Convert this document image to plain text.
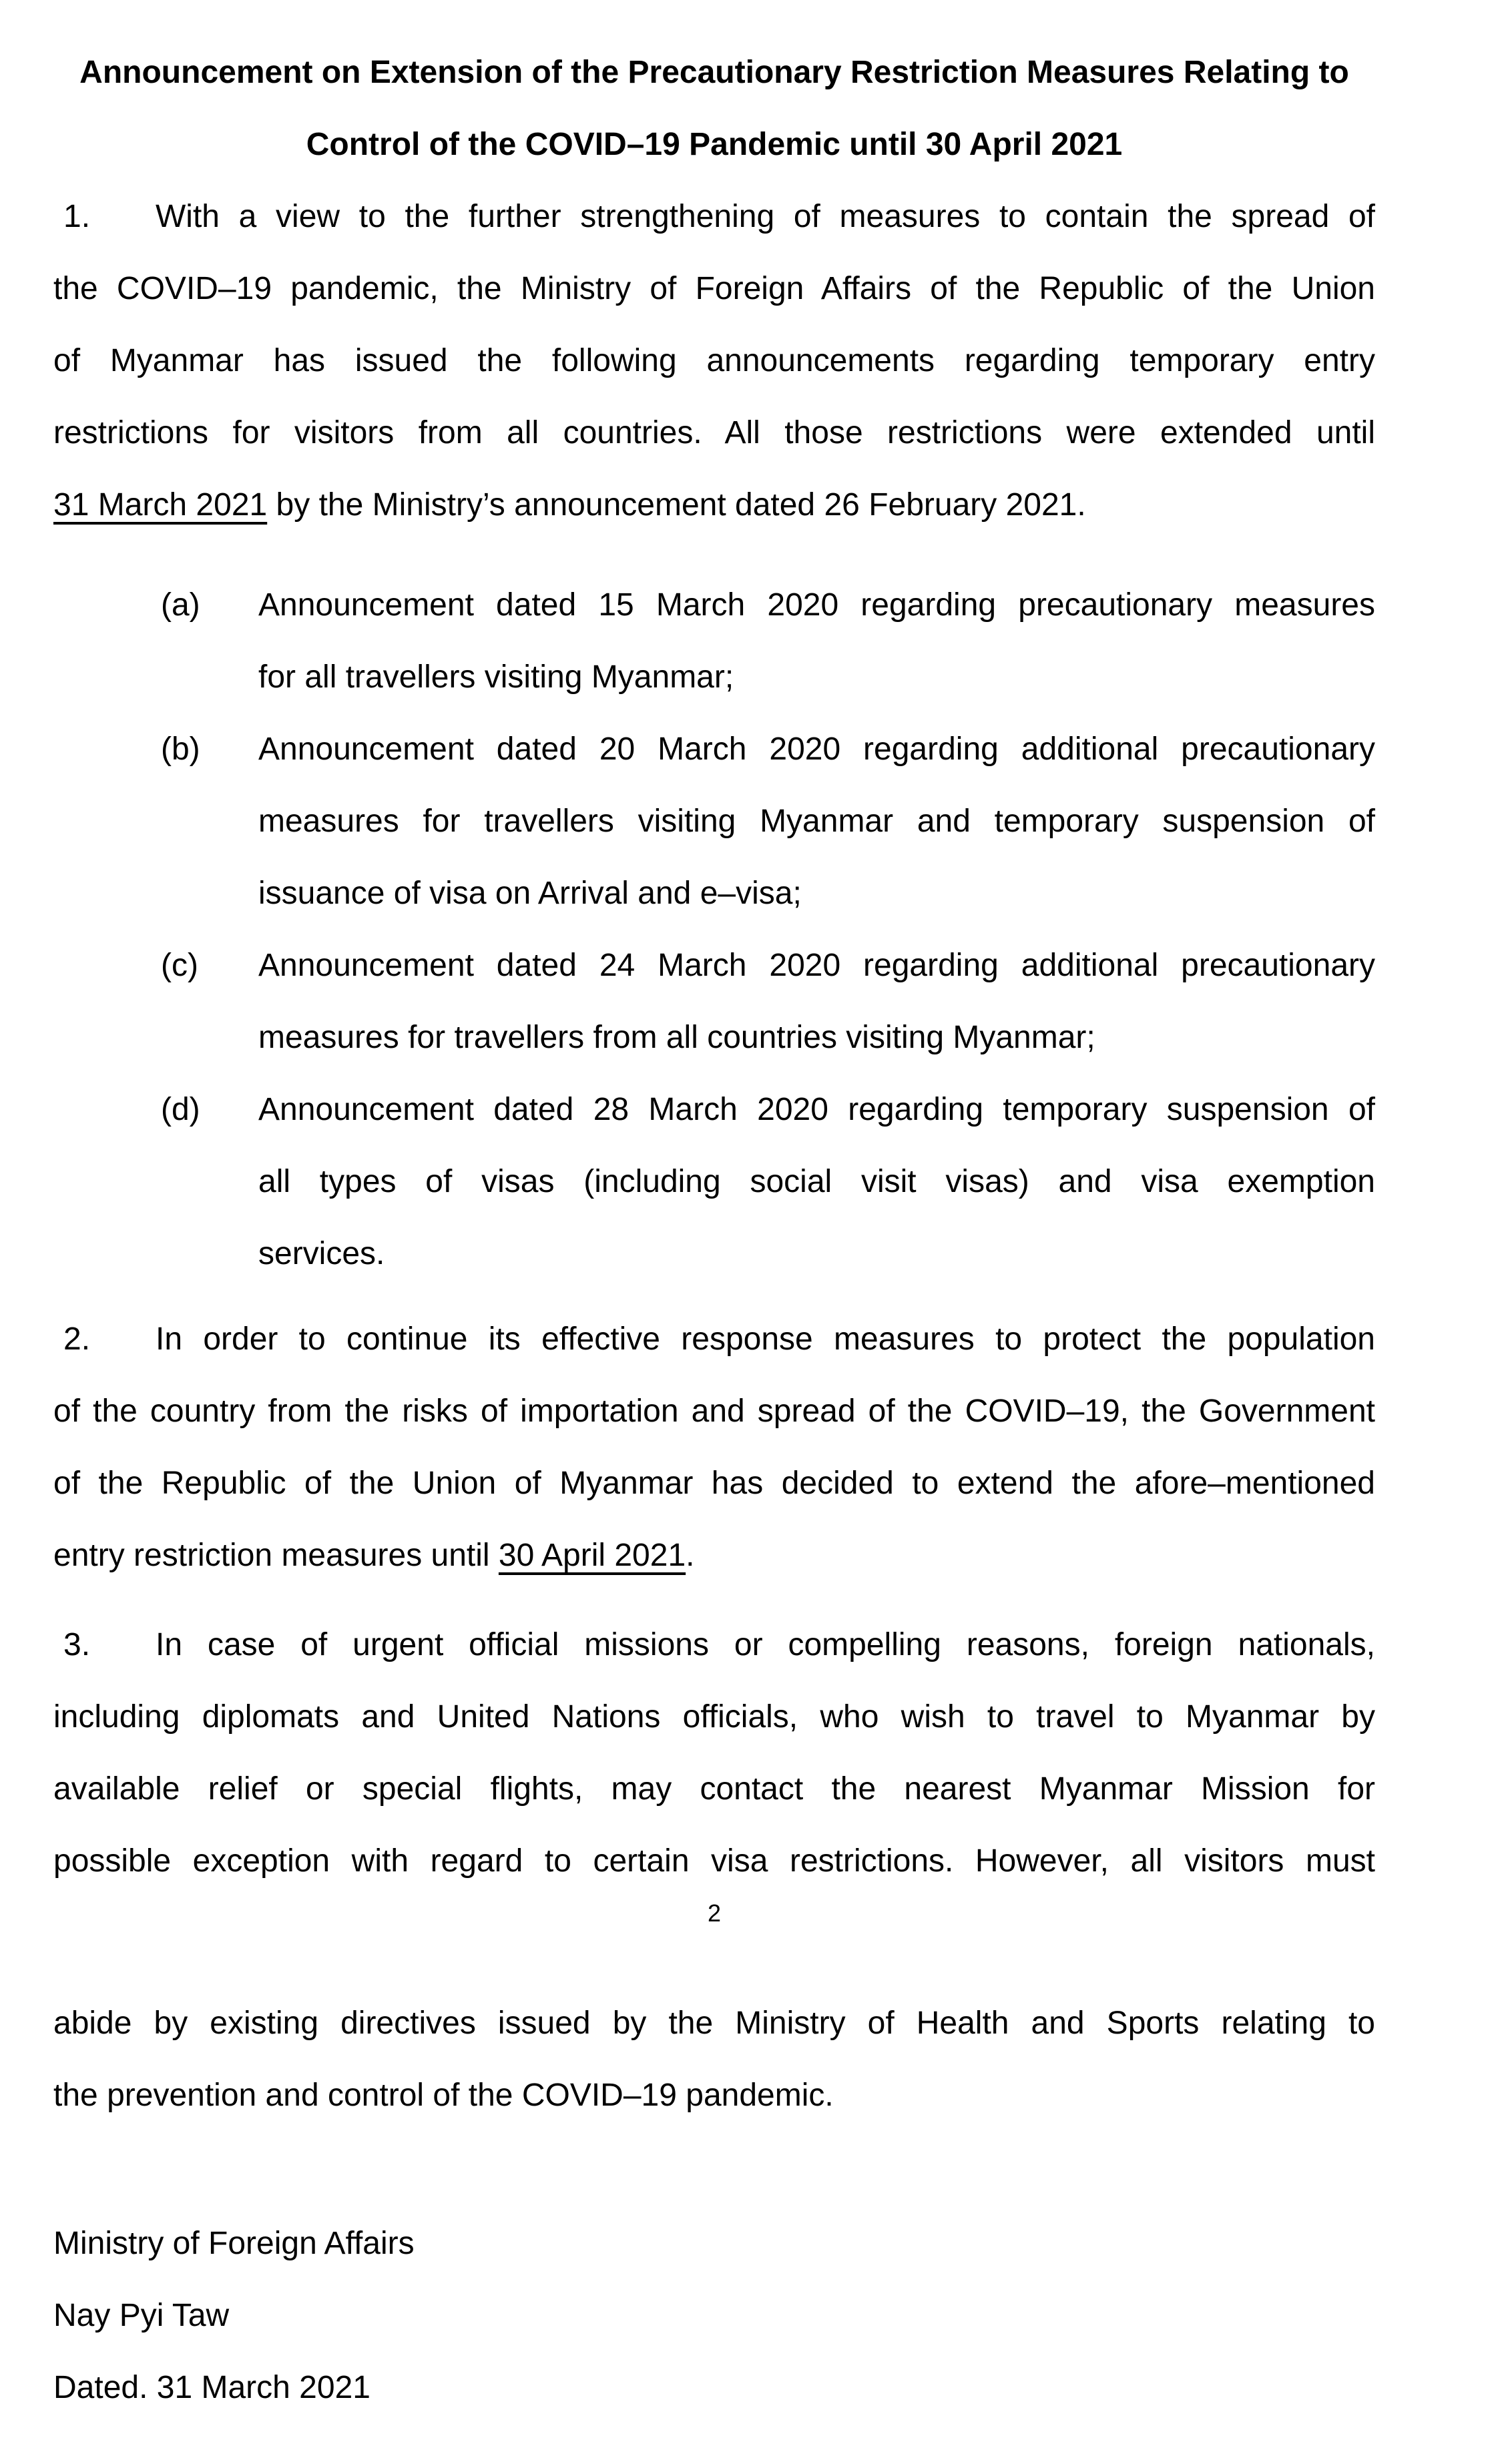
Announcement on Extension of the Precautionary Restriction Measures Relating to
Control of the COVID–19 Pandemic until 30 April 2021
1. With a view to the further strengthening of measures to contain the spread of
the COVID–19 pandemic, the Ministry of Foreign Affairs of the Republic of the Union
of Myanmar has issued the following announcements regarding temporary entry
restrictions for visitors from all countries. All those restrictions were extended until
31 March 2021 by the Ministry’s announcement dated 26 February 2021.
(a) Announcement dated 15 March 2020 regarding precautionary measures
for all travellers visiting Myanmar;
(b) Announcement dated 20 March 2020 regarding additional precautionary
measures for travellers visiting Myanmar and temporary suspension of
issuance of visa on Arrival and e–visa;
(c) Announcement dated 24 March 2020 regarding additional precautionary
measures for travellers from all countries visiting Myanmar;
(d) Announcement dated 28 March 2020 regarding temporary suspension of
all types of visas (including social visit visas) and visa exemption
services.
2. In order to continue its effective response measures to protect the population
of the country from the risks of importation and spread of the COVID–19, the Government
of the Republic of the Union of Myanmar has decided to extend the afore–mentioned
entry restriction measures until 30 April 2021.
3. In case of urgent official missions or compelling reasons, foreign nationals,
including diplomats and United Nations officials, who wish to travel to Myanmar by
available relief or special flights, may contact the nearest Myanmar Mission for
possible exception with regard to certain visa restrictions. However, all visitors must
2
abide by existing directives issued by the Ministry of Health and Sports relating to
the prevention and control of the COVID–19 pandemic.
Ministry of Foreign Affairs
Nay Pyi Taw
Dated. 31 March 2021
